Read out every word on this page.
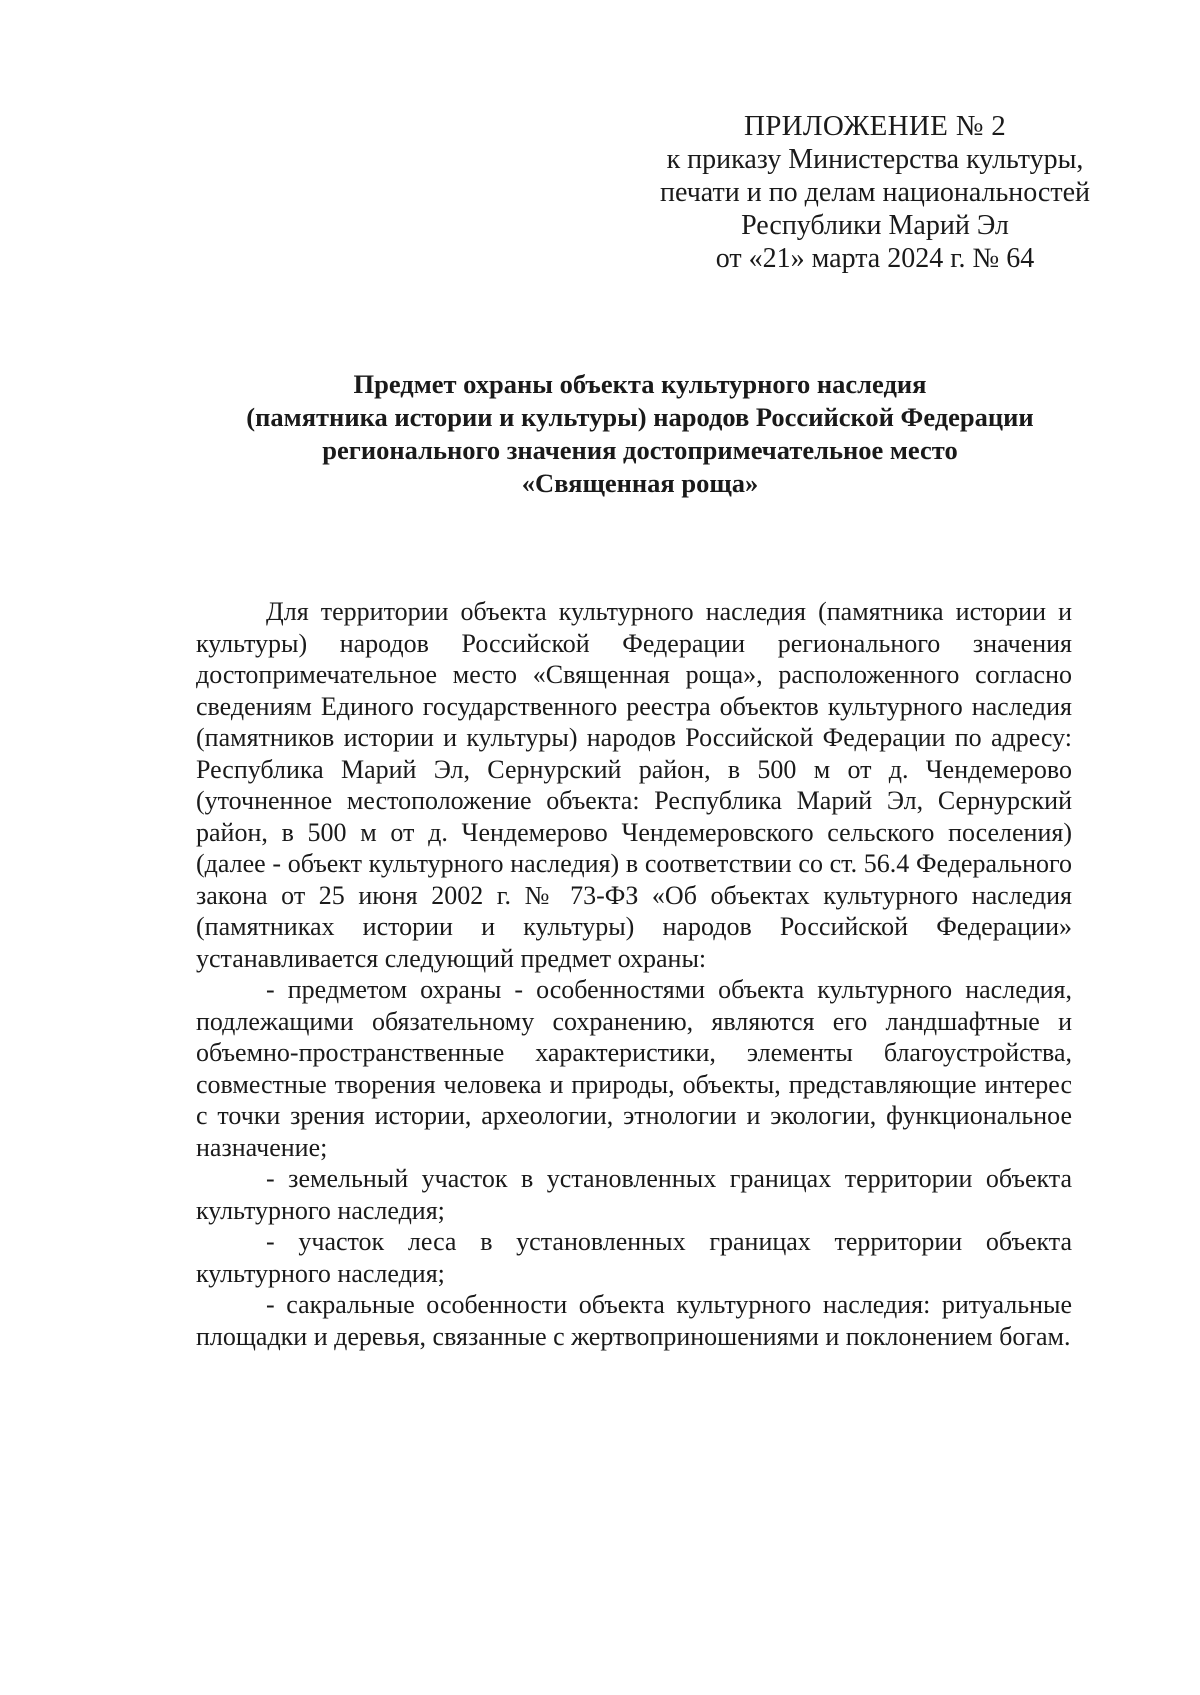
ПРИЛОЖЕНИЕ № 2
к приказу Министерства культуры,
печати и по делам национальностей
Республики Марий Эл
от «21» марта 2024 г. № 64
Предмет охраны объекта культурного наследия
(памятника истории и культуры) народов Российской Федерации
регионального значения достопримечательное место
«Священная роща»

Для территории объекта культурного наследия (памятника истории и культуры) народов Российской Федерации регионального значения достопримечательное место «Священная роща», расположенного согласно сведениям Единого государственного реестра объектов культурного наследия (памятников истории и культуры) народов Российской Федерации по адресу: Республика Марий Эл, Сернурский район, в 500 м от д. Чендемерово (уточненное местоположение объекта: Республика Марий Эл, Сернурский район, в 500 м от д. Чендемерово Чендемеровского сельского поселения) (далее - объект культурного наследия) в соответствии со ст. 56.4 Федерального закона от 25 июня 2002 г. № 73-ФЗ «Об объектах культурного наследия (памятниках истории и культуры) народов Российской Федерации» устанавливается следующий предмет охраны:

- предметом охраны - особенностями объекта культурного наследия, подлежащими обязательному сохранению, являются его ландшафтные и объемно-пространственные характеристики, элементы благоустройства, совместные творения человека и природы, объекты, представляющие интерес с точки зрения истории, археологии, этнологии и экологии, функциональное назначение;

- земельный участок в установленных границах территории объекта культурного наследия;

- участок леса в установленных границах территории объекта культурного наследия;

- сакральные особенности объекта культурного наследия: ритуальные площадки и деревья, связанные с жертвоприношениями и поклонением богам.
